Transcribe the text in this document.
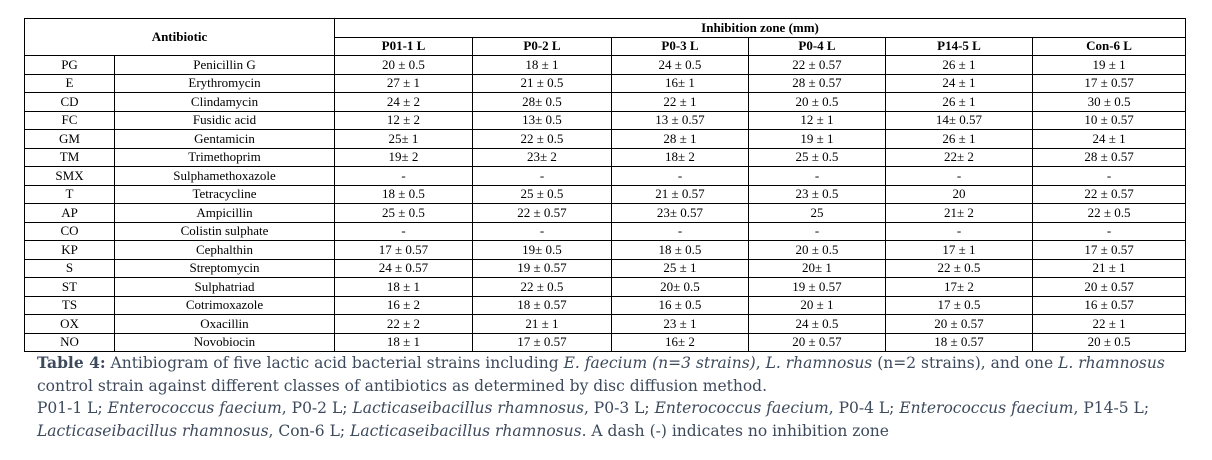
Antibiotic		Inhibition zone (mm)					
		P01-1 L	P0-2 L	P0-3 L	P0-4 L	P14-5 L	Con-6 L
PG	Penicillin G	20 ± 0.5	18 ± 1	24 ± 0.5	22 ± 0.57	26 ± 1	19 ± 1
E	Erythromycin	27 ± 1	21 ± 0.5	16± 1	28 ± 0.57	24 ± 1	17 ± 0.57
CD	Clindamycin	24 ± 2	28± 0.5	22 ± 1	20 ± 0.5	26 ± 1	30 ± 0.5
FC	Fusidic acid	12 ± 2	13± 0.5	13 ± 0.57	12 ± 1	14± 0.57	10 ± 0.57
GM	Gentamicin	25± 1	22 ± 0.5	28 ± 1	19 ± 1	26 ± 1	24 ± 1
TM	Trimethoprim	19± 2	23± 2	18± 2	25 ± 0.5	22± 2	28 ± 0.57
SMX	Sulphamethoxazole	-	-	-	-	-	-
T	Tetracycline	18 ± 0.5	25 ± 0.5	21 ± 0.57	23 ± 0.5	20	22 ± 0.57
AP	Ampicillin	25 ± 0.5	22 ± 0.57	23± 0.57	25	21± 2	22 ± 0.5
CO	Colistin sulphate	-	-	-	-	-	-
KP	Cephalthin	17 ± 0.57	19± 0.5	18 ± 0.5	20 ± 0.5	17 ± 1	17 ± 0.57
S	Streptomycin	24 ± 0.57	19 ± 0.57	25 ± 1	20± 1	22 ± 0.5	21 ± 1
ST	Sulphatriad	18 ± 1	22 ± 0.5	20± 0.5	19 ± 0.57	17± 2	20 ± 0.57
TS	Cotrimoxazole	16 ± 2	18 ± 0.57	16 ± 0.5	20 ± 1	17 ± 0.5	16 ± 0.57
OX	Oxacillin	22 ± 2	21 ± 1	23 ± 1	24 ± 0.5	20 ± 0.57	22 ± 1
NO	Novobiocin	18 ± 1	17 ± 0.57	16± 2	20 ± 0.57	18 ± 0.57	20 ± 0.5

Table 4: Antibiogram of five lactic acid bacterial strains including E. faecium (n=3 strains), L. rhamnosus (n=2 strains), and one L. rhamnosus control strain against different classes of antibiotics as determined by disc diffusion method.

P01-1 L; Enterococcus faecium, P0-2 L; Lacticaseibacillus rhamnosus, P0-3 L; Enterococcus faecium, P0-4 L; Enterococcus faecium, P14-5 L; Lacticaseibacillus rhamnosus, Con-6 L; Lacticaseibacillus rhamnosus. A dash (-) indicates no inhibition zone
